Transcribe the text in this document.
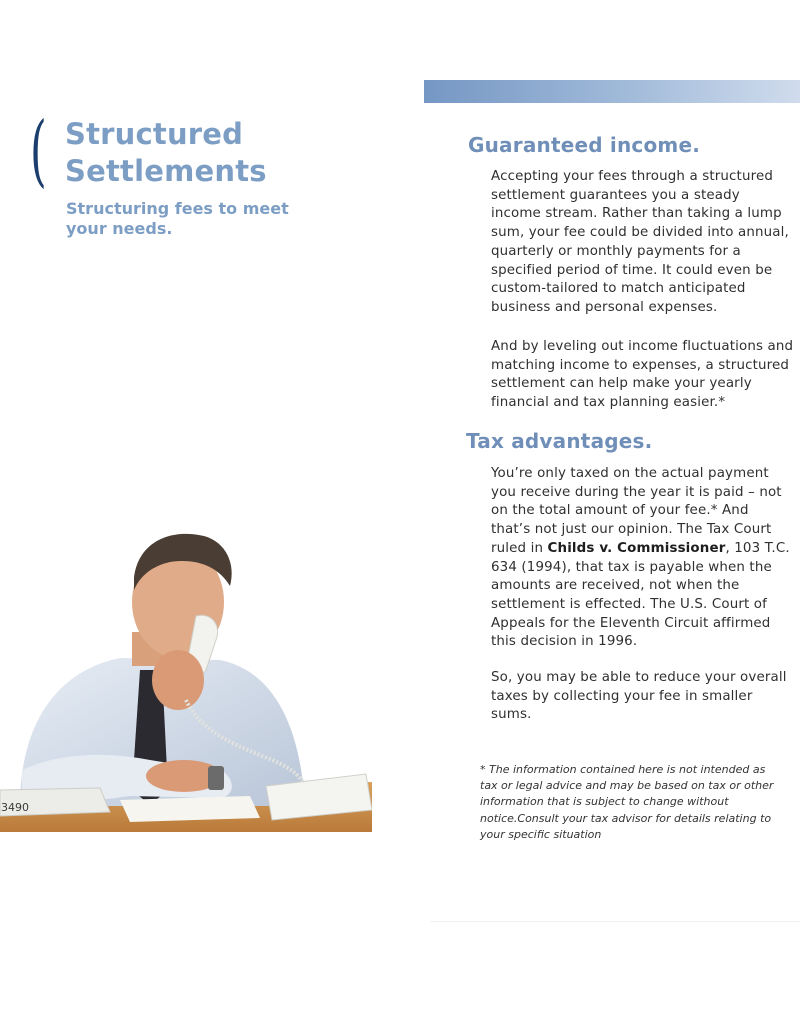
( Structured
Settlements

Structuring fees to meet your needs.

3490
Guaranteed income.

Accepting your fees through a structured settlement guarantees you a steady income stream. Rather than taking a lump sum, your fee could be divided into annual, quarterly or monthly payments for a specified period of time. It could even be custom-tailored to match anticipated business and personal expenses.

And by leveling out income fluctuations and matching income to expenses, a structured settlement can help make your yearly financial and tax planning easier.*

Tax advantages.

You’re only taxed on the actual payment you receive during the year it is paid – not on the total amount of your fee.* And that’s not just our opinion. The Tax Court ruled in Childs v. Commissioner, 103 T.C. 634 (1994), that tax is payable when the amounts are received, not when the settlement is effected. The U.S. Court of Appeals for the Eleventh Circuit affirmed this decision in 1996.

So, you may be able to reduce your overall taxes by collecting your fee in smaller sums.

* The information contained here is not intended as tax or legal advice and may be based on tax or other information that is subject to change without notice.Consult your tax advisor for details relating to your specific situation
